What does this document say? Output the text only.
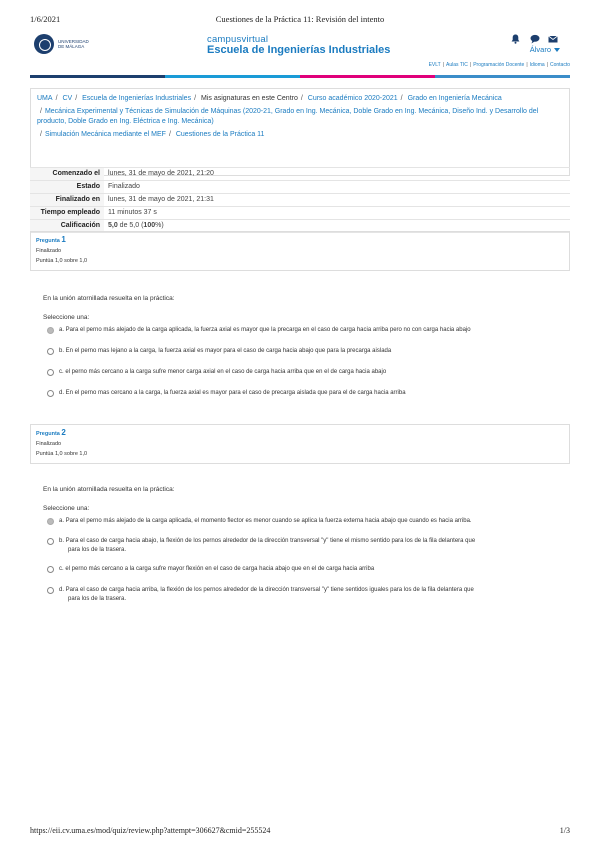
1/6/2021	Cuestiones de la Práctica 11: Revisión del intento
UNIVERSIDAD DE MÁLAGA
campusvirtual
Escuela de Ingenierías Industriales	Álvaro
EVLT | Aulas TIC | Programación Docente | Idioma | Contacto
UMA / CV / Escuela de Ingenierías Industriales / Mis asignaturas en este Centro / Curso académico 2020-2021 / Grado en Ingeniería Mecánica
/ Mecánica Experimental y Técnicas de Simulación de Máquinas (2020-21, Grado en Ing. Mecánica, Doble Grado en Ing. Mecánica, Diseño Ind. y Desarrollo del producto, Doble Grado en Ing. Eléctrica e Ing. Mecánica)
/ Simulación Mecánica mediante el MEF / Cuestiones de la Práctica 11
Comenzado el	lunes, 31 de mayo de 2021, 21:20
Estado	Finalizado
Finalizado en	lunes, 31 de mayo de 2021, 21:31
Tiempo empleado	11 minutos 37 s
Calificación	5,0 de 5,0 (100%)
Pregunta 1
Finalizado
Puntúa 1,0 sobre 1,0
En la unión atornillada resuelta en la práctica:
Seleccione una:
a. Para el perno más alejado de la carga aplicada, la fuerza axial es mayor que la precarga en el caso de carga hacia arriba pero no con carga hacia abajo
b. En el perno mas lejano a la carga, la fuerza axial es mayor para el caso de carga hacia abajo que para la precarga aislada
c. el perno más cercano a la carga sufre menor carga axial en el caso de carga hacia arriba que en el de carga hacia abajo
d. En el perno mas cercano a la carga, la fuerza axial es mayor para el caso de precarga aislada que para el de carga hacia arriba
Pregunta 2
Finalizado
Puntúa 1,0 sobre 1,0
En la unión atornillada resuelta en la práctica:
Seleccione una:
a. Para el perno más alejado de la carga aplicada, el momento flector es menor cuando se aplica la fuerza externa hacia abajo que cuando es hacia arriba.
b. Para el caso de carga hacia abajo, la flexión de los pernos alrededor de la dirección transversal "y" tiene el mismo sentido para los de la fila delantera que
para los de la trasera.
c. el perno más cercano a la carga sufre mayor flexión en el caso de carga hacia abajo que en el de carga hacia arriba
d. Para el caso de carga hacia arriba, la flexión de los pernos alrededor de la dirección transversal "y" tiene sentidos iguales para los de la fila delantera que
para los de la trasera.
https://eii.cv.uma.es/mod/quiz/review.php?attempt=306627&cmid=255524	1/3
